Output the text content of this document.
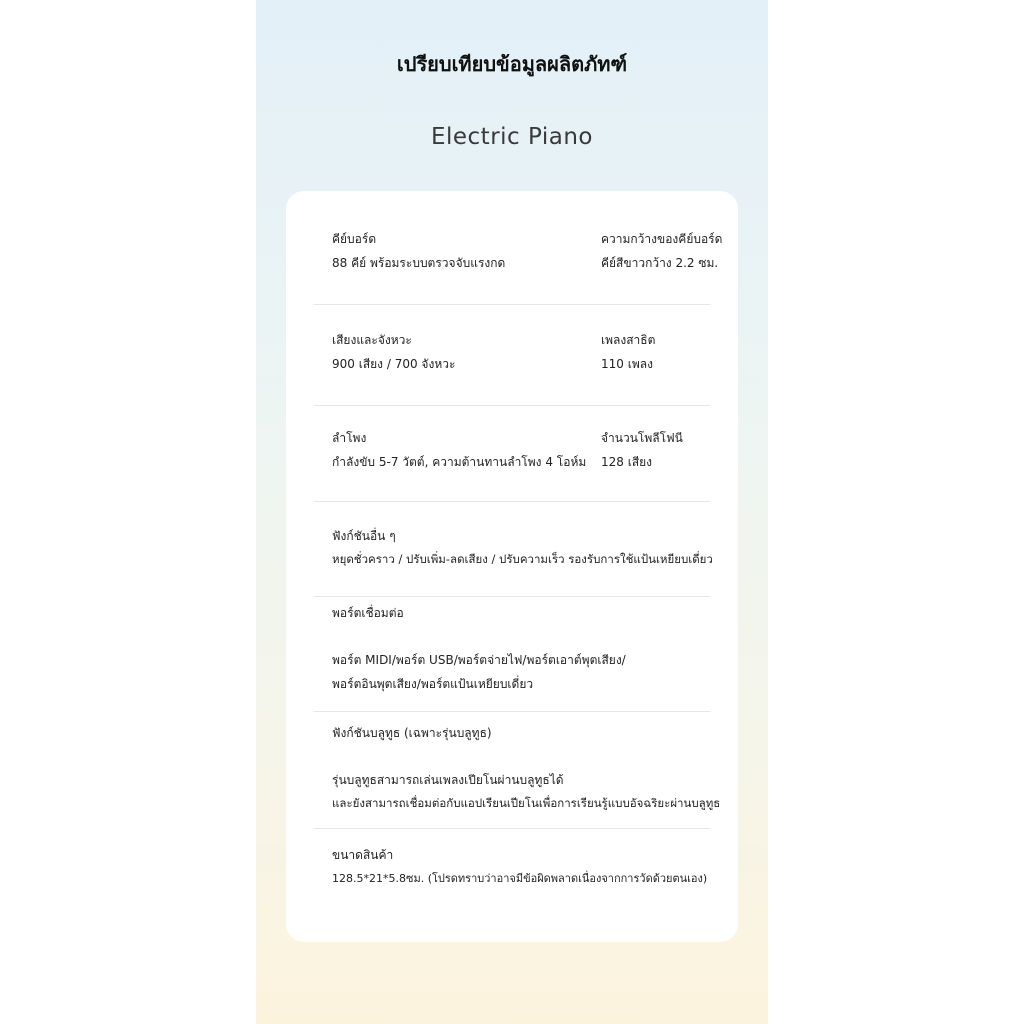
เปรียบเทียบข้อมูลผลิตภัทฑ์
Electric Piano
คีย์บอร์ด
88 คีย์ พร้อมระบบตรวจจับแรงกด
ความกว้างของคีย์บอร์ด
คีย์สีขาวกว้าง 2.2 ซม.
เสียงและจังหวะ
900 เสียง / 700 จังหวะ
เพลงสาธิต
110 เพลง
ลำโพง
กำลังขับ 5-7 วัตต์, ความต้านทานลำโพง 4 โอห์ม
จำนวนโพลีโฟนี
128 เสียง
ฟังก์ชันอื่น ๆ
หยุดชั่วคราว / ปรับเพิ่ม-ลดเสียง / ปรับความเร็ว รองรับการใช้แป้นเหยียบเดี่ยว
พอร์ตเชื่อมต่อ
พอร์ต MIDI/พอร์ต USB/พอร์ตจ่ายไฟ/พอร์ตเอาต์พุตเสียง/
พอร์ตอินพุตเสียง/พอร์ตแป้นเหยียบเดี่ยว
ฟังก์ชันบลูทูธ (เฉพาะรุ่นบลูทูธ)
รุ่นบลูทูธสามารถเล่นเพลงเปียโนผ่านบลูทูธได้
และยังสามารถเชื่อมต่อกับแอปเรียนเปียโนเพื่อการเรียนรู้แบบอัจฉริยะผ่านบลูทูธ
ขนาดสินค้า
128.5*21*5.8ซม. (โปรดทราบว่าอาจมีข้อผิดพลาดเนื่องจากการวัดด้วยตนเอง)
